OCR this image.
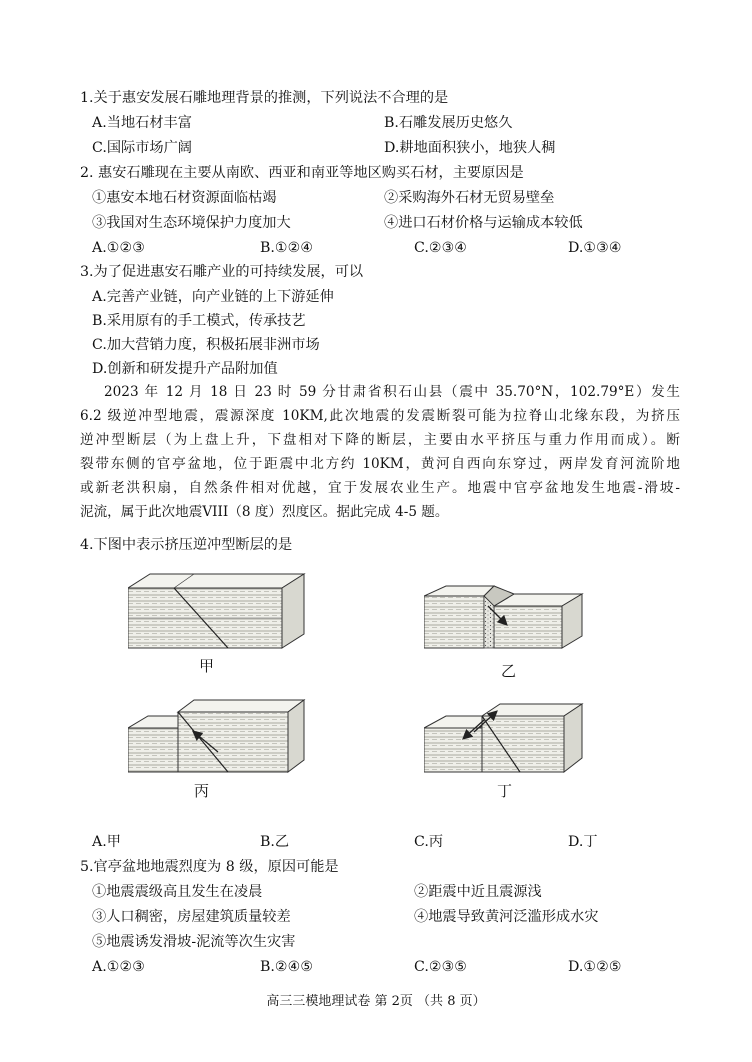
1.关于惠安发展石雕地理背景的推测，下列说法不合理的是
A.当地石材丰富	B.石雕发展历史悠久
C.国际市场广阔	D.耕地面积狭小，地狭人稠
2. 惠安石雕现在主要从南欧、西亚和南亚等地区购买石材，主要原因是
①惠安本地石材资源面临枯竭	②采购海外石材无贸易壁垒
③我国对生态环境保护力度加大	④进口石材价格与运输成本较低
A.①②③	B.①②④	C.②③④	D.①③④
3.为了促进惠安石雕产业的可持续发展，可以
A.完善产业链，向产业链的上下游延伸
B.采用原有的手工模式，传承技艺
C.加大营销力度，积极拓展非洲市场
D.创新和研发提升产品附加值
2023 年 12 月 18 日 23 时 59 分甘肃省积石山县（震中 35.70°N，102.79°E）发生
6.2 级逆冲型地震，震源深度 10KM,此次地震的发震断裂可能为拉脊山北缘东段，为挤压
逆冲型断层（为上盘上升，下盘相对下降的断层，主要由水平挤压与重力作用而成）。断
裂带东侧的官亭盆地，位于距震中北方约 10KM，黄河自西向东穿过，两岸发育河流阶地
或新老洪积扇，自然条件相对优越，宜于发展农业生产。地震中官亭盆地发生地震-滑坡-
泥流，属于此次地震VIII（8 度）烈度区。据此完成 4-5 题。
4.下图中表示挤压逆冲型断层的是
甲	乙
丙	丁
A.甲	B.乙	C.丙	D.丁
5.官亭盆地地震烈度为 8 级，原因可能是
①地震震级高且发生在凌晨	②距震中近且震源浅
③人口稠密，房屋建筑质量较差	④地震导致黄河泛滥形成水灾
⑤地震诱发滑坡-泥流等次生灾害
A.①②③	B.②④⑤	C.②③⑤	D.①②⑤
高三三模地理试卷 第 2页 （共 8 页）
